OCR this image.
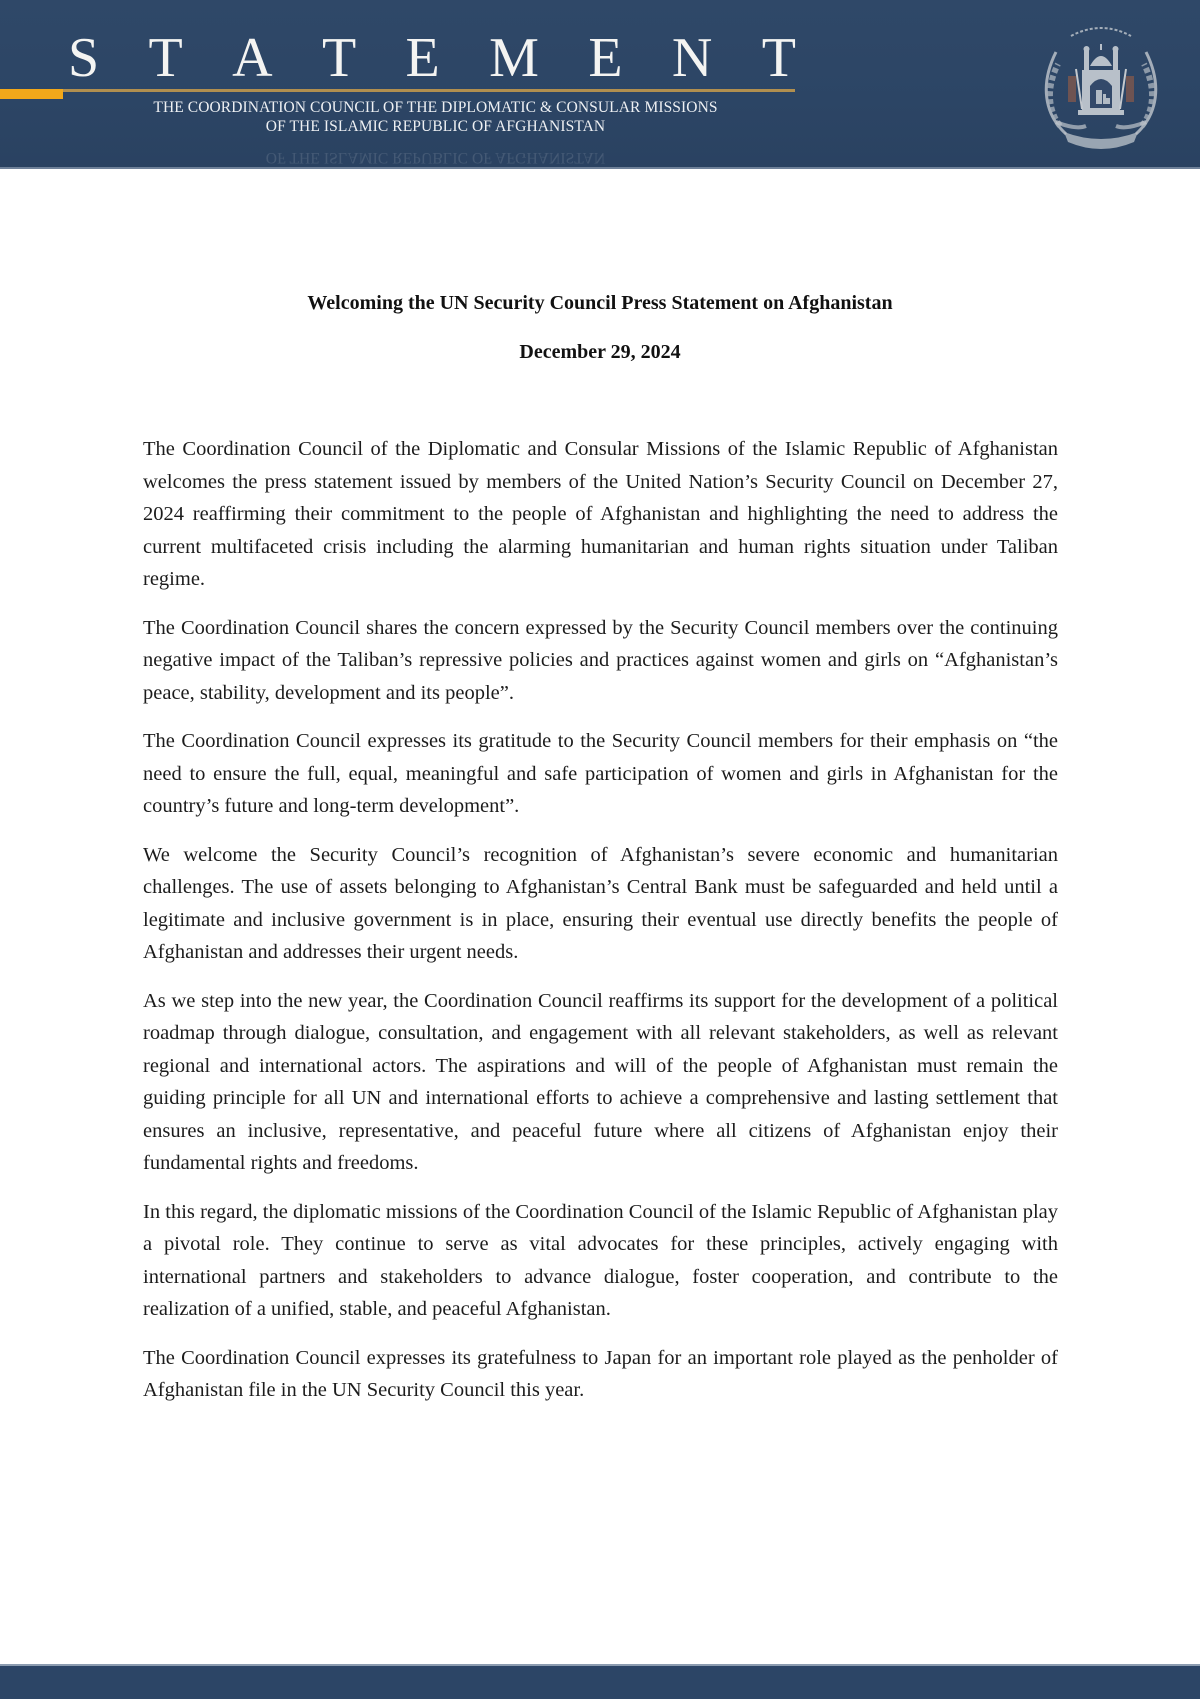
S T A T E M E N T
THE COORDINATION COUNCIL OF THE DIPLOMATIC & CONSULAR MISSIONS
OF THE ISLAMIC REPUBLIC OF AFGHANISTAN
OF THE ISLAMIC REPUBLIC OF AFGHANISTAN
Welcoming the UN Security Council Press Statement on Afghanistan
December 29, 2024

The Coordination Council of the Diplomatic and Consular Missions of the Islamic Republic of Afghanistan welcomes the press statement issued by members of the United Nation’s Security Council on December 27, 2024 reaffirming their commitment to the people of Afghanistan and highlighting the need to address the current multifaceted crisis including the alarming humanitarian and human rights situation under Taliban regime.

The Coordination Council shares the concern expressed by the Security Council members over the continuing negative impact of the Taliban’s repressive policies and practices against women and girls on “Afghanistan’s peace, stability, development and its people”.

The Coordination Council expresses its gratitude to the Security Council members for their emphasis on “the need to ensure the full, equal, meaningful and safe participation of women and girls in Afghanistan for the country’s future and long-term development”.

We welcome the Security Council’s recognition of Afghanistan’s severe economic and humanitarian challenges. The use of assets belonging to Afghanistan’s Central Bank must be safeguarded and held until a legitimate and inclusive government is in place, ensuring their eventual use directly benefits the people of Afghanistan and addresses their urgent needs.

As we step into the new year, the Coordination Council reaffirms its support for the development of a political roadmap through dialogue, consultation, and engagement with all relevant stakeholders, as well as relevant regional and international actors. The aspirations and will of the people of Afghanistan must remain the guiding principle for all UN and international efforts to achieve a comprehensive and lasting settlement that ensures an inclusive, representative, and peaceful future where all citizens of Afghanistan enjoy their fundamental rights and freedoms.

In this regard, the diplomatic missions of the Coordination Council of the Islamic Republic of Afghanistan play a pivotal role. They continue to serve as vital advocates for these principles, actively engaging with international partners and stakeholders to advance dialogue, foster cooperation, and contribute to the realization of a unified, stable, and peaceful Afghanistan.

The Coordination Council expresses its gratefulness to Japan for an important role played as the penholder of Afghanistan file in the UN Security Council this year.
